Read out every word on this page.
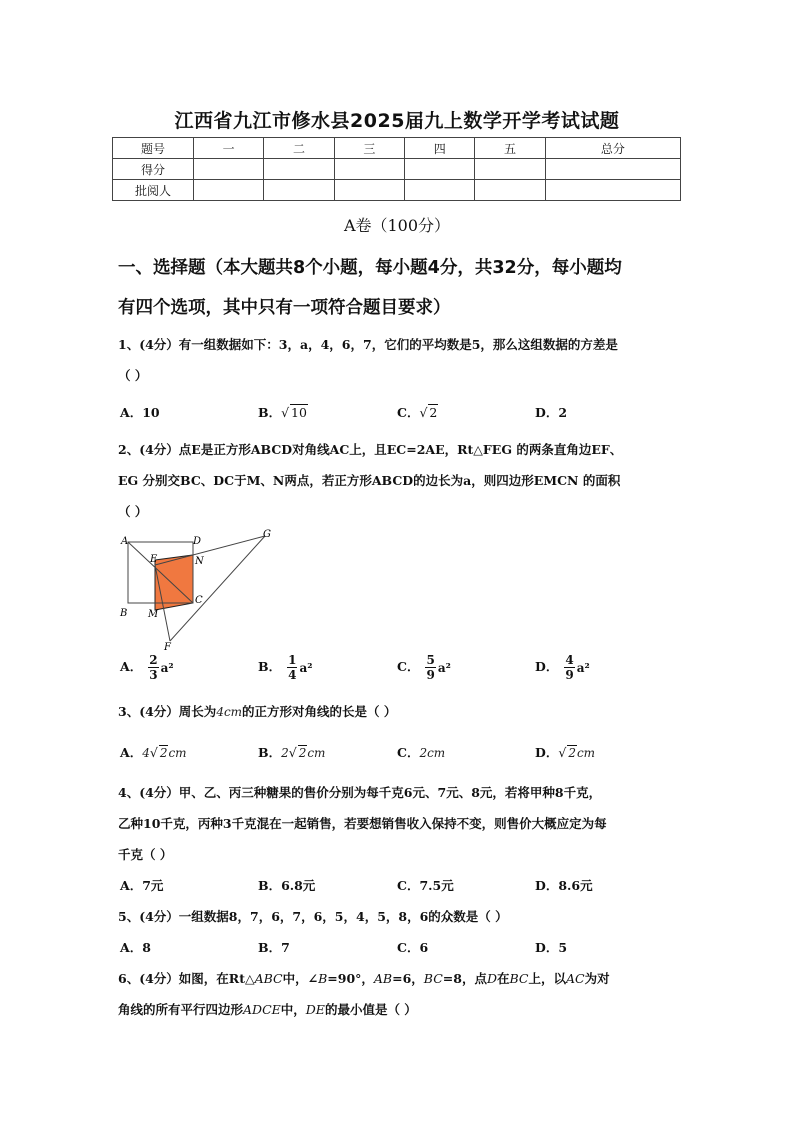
江西省九江市修水县2025届九上数学开学考试试题
题号	一	二	三	四	五	总分
得分						
批阅人						
A卷（100分）
一、选择题（本大题共8个小题，每小题4分，共32分，每小题均
有四个选项，其中只有一项符合题目要求）
1、(4分）有一组数据如下：3，a，4，6，7，它们的平均数是5，那么这组数据的方差是
（ ）
A．10	B．√ 10	C．√ 2	D．2
2、(4分）点E是正方形ABCD对角线AC上，且EC=2AE，Rt△FEG 的两条直角边EF、
EG 分别交BC、DC于M、N两点，若正方形ABCD的边长为a，则四边形EMCN 的面积
（ ）
A	D
G
E	N
C
B M
F
A． $\frac{2}{3} a^2$	B． $\frac{1}{4} a^2$	C． $\frac{5}{9} a^2$	D． $\frac{4}{9} a^2$
3、(4分）周长为4cm的正方形对角线的长是（ ）
A．4√ 2cm	B．2√ 2cm	C．2cm	D．√ 2cm
4、(4分）甲、乙、丙三种糖果的售价分别为每千克6元、7元、8元，若将甲种8千克，
乙种10千克，丙种3千克混在一起销售，若要想销售收入保持不变，则售价大概应定为每
千克（ ）
A．7元	B．6.8元	C．7.5元	D．8.6元
5、(4分）一组数据8，7，6，7，6，5，4，5，8，6的众数是（ ）
A．8	B．7	C．6	D．5
6、(4分）如图，在Rt△ABC中，∠B=90°，AB=6，BC=8，点D在BC上，以AC为对
角线的所有平行四边形ADCE中，DE的最小值是（ ）
